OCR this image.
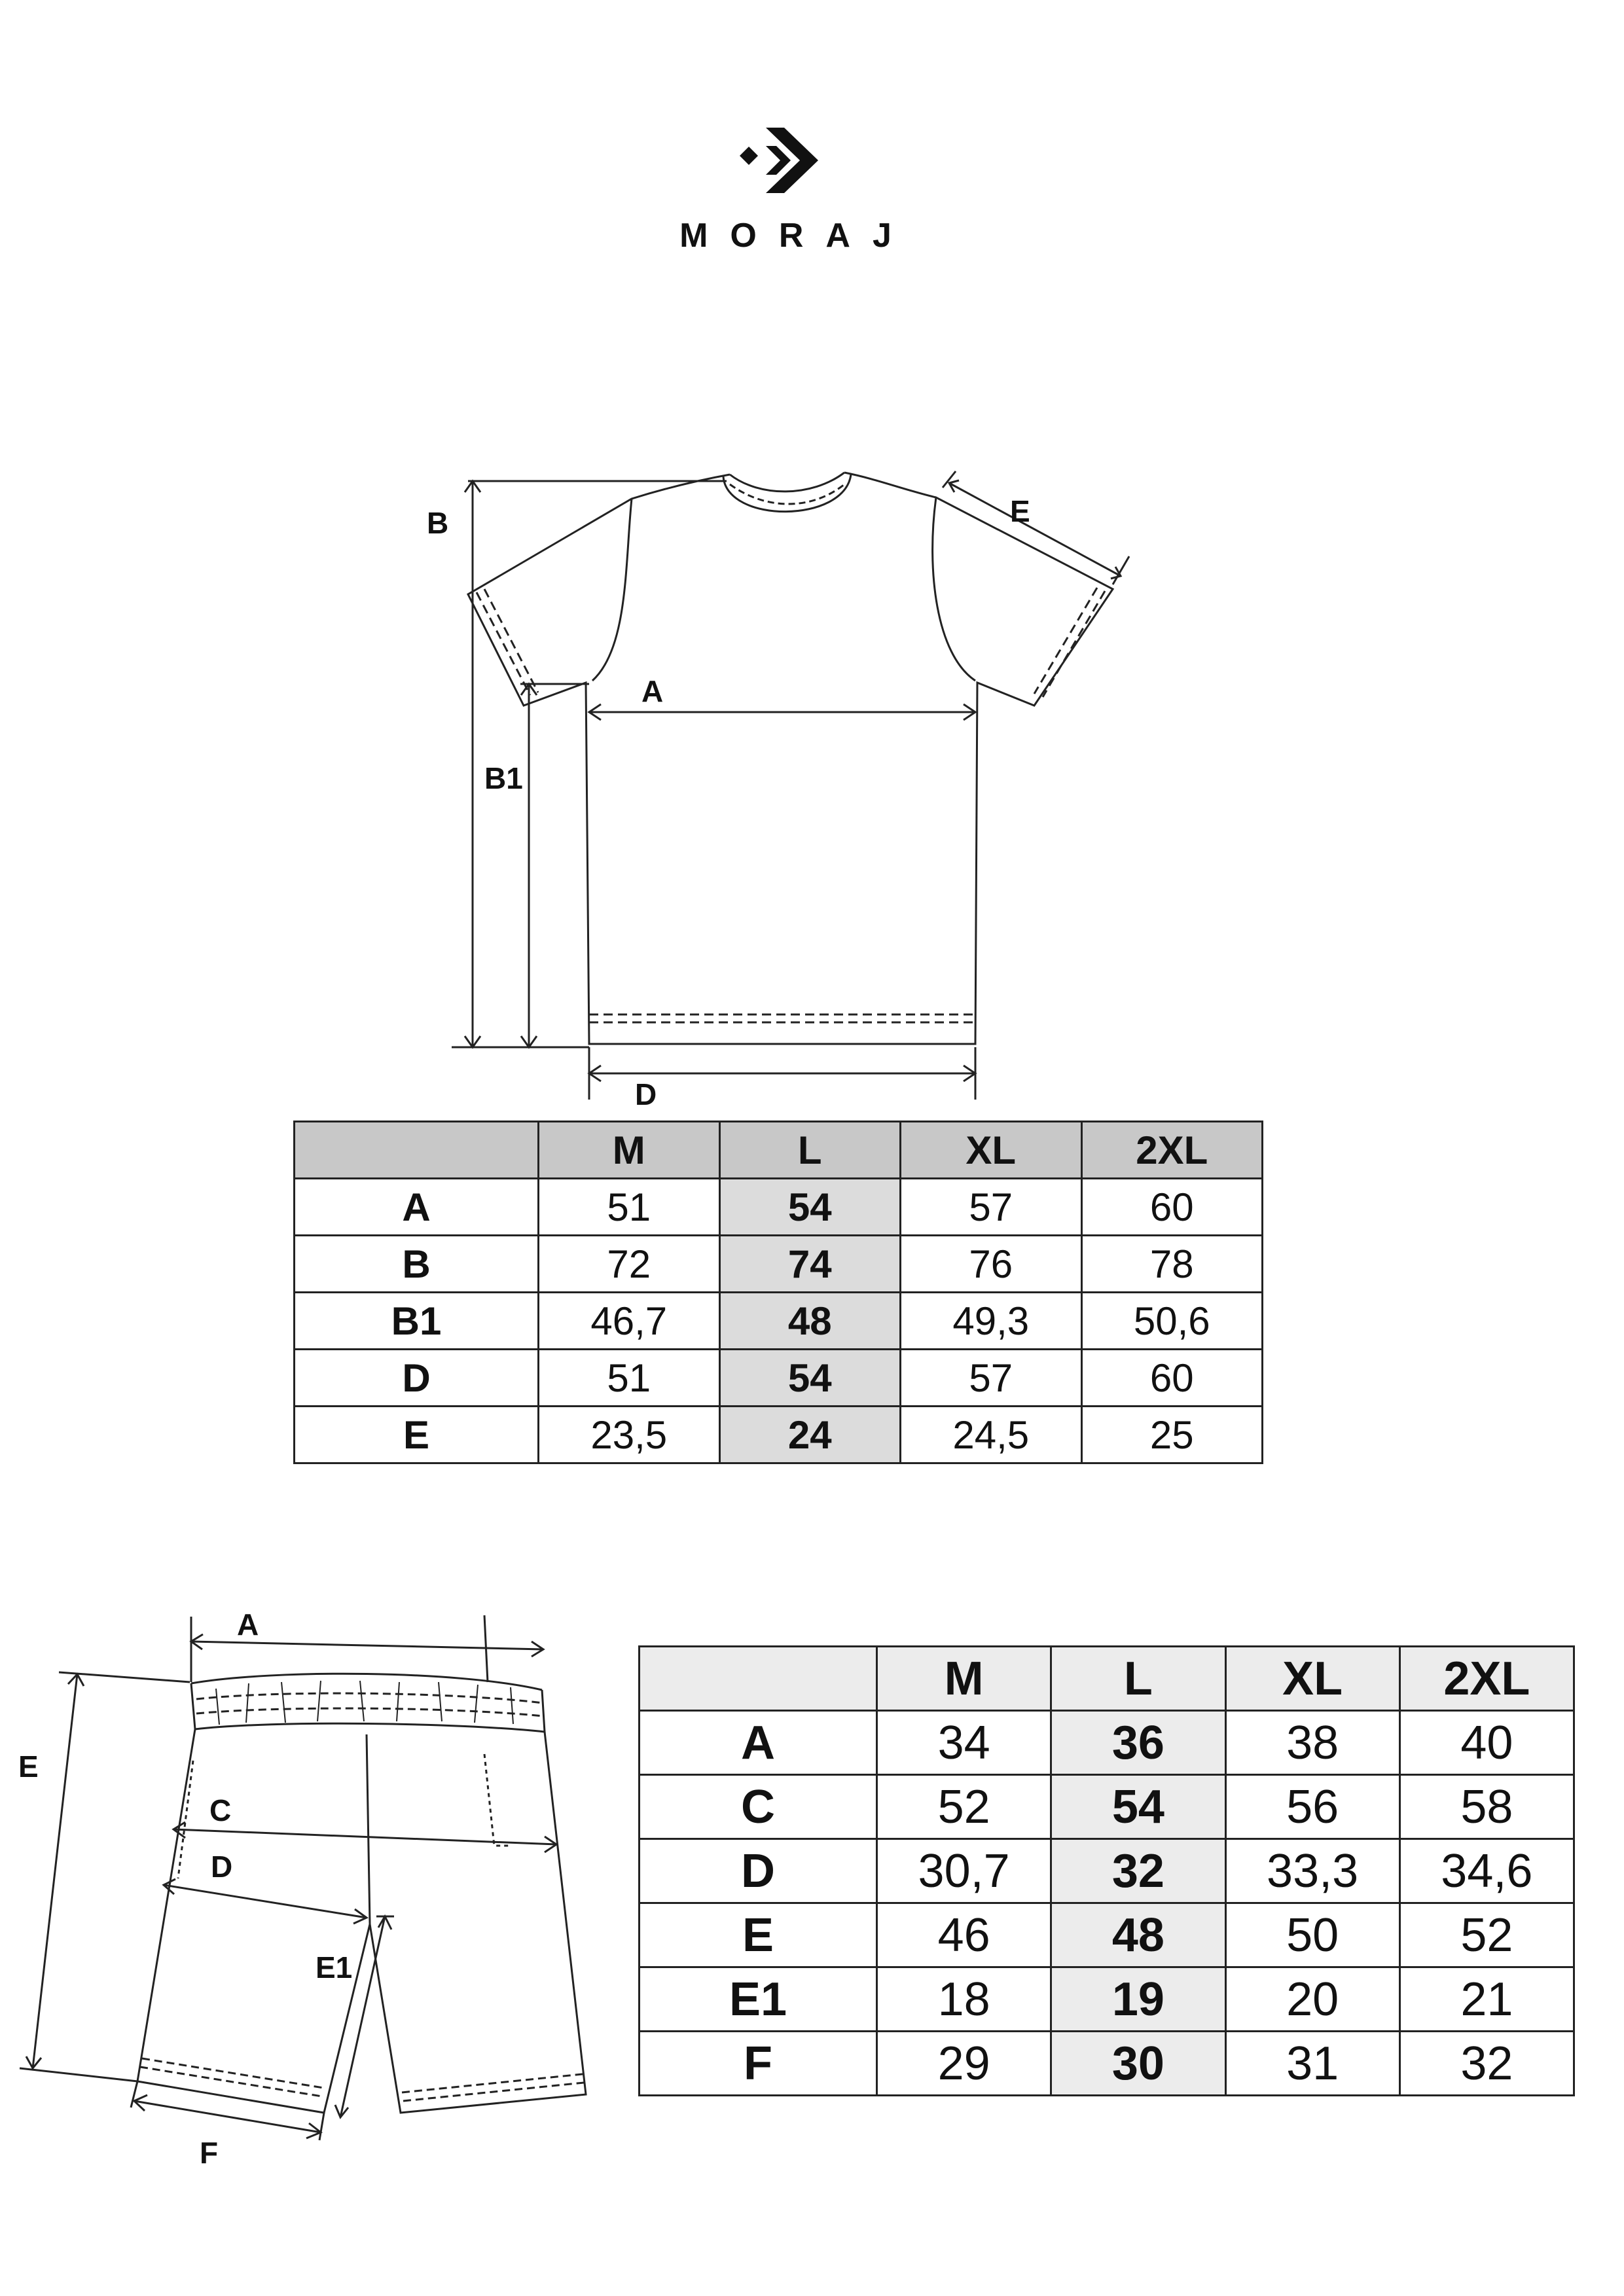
MORAJ
B	E
A
B1
D
	M	L	XL	2XL
A	51	54	57	60
B	72	74	76	78
B1	46,7	48	49,3	50,6
D	51	54	57	60
E	23,5	24	24,5	25
A
E
C
D
E1
F
	M	L	XL	2XL
A	34	36	38	40
C	52	54	56	58
D	30,7	32	33,3	34,6
E	46	48	50	52
E1	18	19	20	21
F	29	30	31	32
